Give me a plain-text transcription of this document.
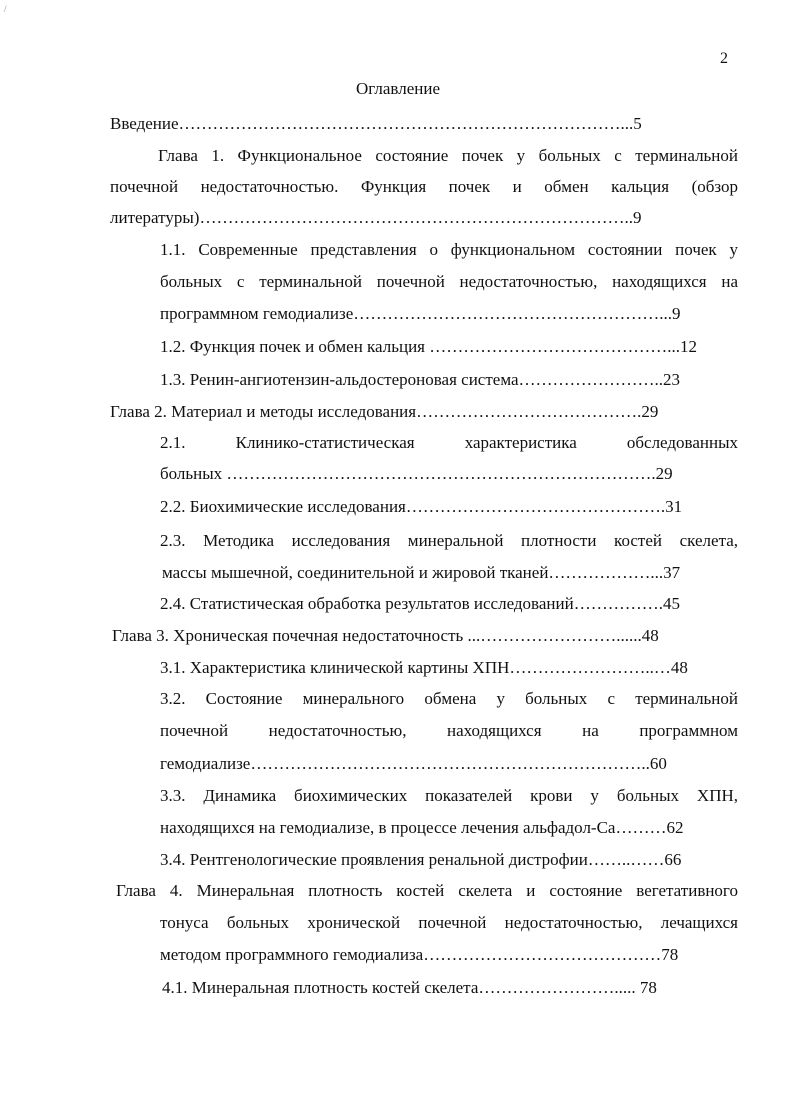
/
2
Оглавление
Введение……………………………………………………………………...5
Глава 1. Функциональное состояние почек у больных с терминальной
почечной недостаточностью. Функция почек и обмен кальция (обзор
литературы)…………………………………………………………………..9
1.1. Современные представления о функциональном состоянии почек у
больных с терминальной почечной недостаточностью, находящихся на
программном гемодиализе………………………………………………...9
1.2. Функция почек и обмен кальция ……………………………………...12
1.3. Ренин-ангиотензин-альдостероновая система……………………..23
Глава 2. Материал и методы исследования………………………………….29
2.1. Клинико-статистическая характеристика обследованных
больных ………………………………………………………………….29
2.2. Биохимические исследования……………………………………….31
2.3. Методика исследования минеральной плотности костей скелета,
массы мышечной, соединительной и жировой тканей………………...37
2.4. Статистическая обработка результатов исследований…………….45
Глава 3. Хроническая почечная недостаточность ...……………………......48
3.1. Характеристика клинической картины ХПН……………………..…48
3.2. Состояние минерального обмена у больных с терминальной
почечной недостаточностью, находящихся на программном
гемодиализе……………………………………………………………..60
3.3. Динамика биохимических показателей крови у больных ХПН,
находящихся на гемодиализе, в процессе лечения альфадол-Са………62
3.4. Рентгенологические проявления ренальной дистрофии……..……66
Глава 4. Минеральная плотность костей скелета и состояние вегетативного
тонуса больных хронической почечной недостаточностью, лечащихся
методом программного гемодиализа……………………………………78
4.1. Минеральная плотность костей скелета……………………..... 78
